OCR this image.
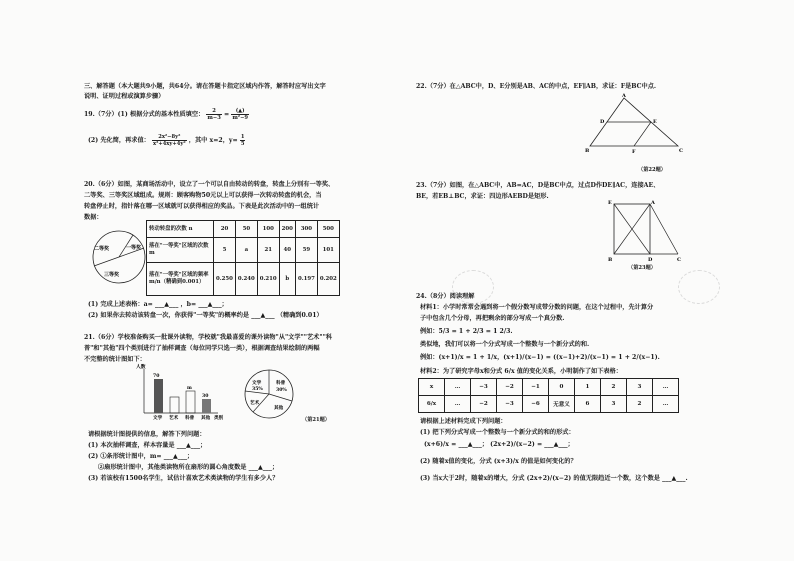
三、解答题（本大题共9小题，共64分。请在答题卡指定区域内作答，解答时应写出文字
说明、证明过程或演算步骤）
19.（7分）(1) 根据分式的基本性质填空： $\frac{2}{m-3}$ = (▲)
m²−9
(2) 先化简，再求值： $\frac{\text{2x²−8y²}}{\text{x²+4xy+4y²}}$ ，其中 x=2，$y= \frac{1}{5}$
20.（6分）如图，某商场活动中，设立了一个可以自由转动的转盘，转盘上分别有一等奖、
二等奖、三等奖区域组成。规则：顾客购物50元以上可以获得一次转动转盘的机会，当
转盘停止时，指针落在哪一区域就可以获得相应的奖品。下表是此次活动中的一组统计
数据：
二等奖	一等奖
三等奖
转动转盘的次数 n	20	50	100	200	300	500
落在"一等奖"区域的次数 m	5	a	21	40	59	101
落在"一等奖"区域的频率 m/n（精确到0.001）	0.250	0.240	0.210	b	0.197	0.202
(1) 完成上述表格：a= ___▲___ ，b= ___▲___；
(2) 如果你去转动该转盘一次，你获得"一等奖"的概率约是 ___▲___ （精确到0.01）
21.（6分）学校准备购买一批课外读物，学校就"我最喜爱的课外读物"从"文学""艺术""科
普"和"其他"四个类别进行了抽样调查（每位同学只选一类），根据调查结果绘制的两幅
不完整的统计图如下：
人数
70
m
30
文学 艺术 科普 其他 类别
文学
35%
科普
30%
艺术
其他
（第21题）
请根据统计图提供的信息，解答下列问题：
(1) 本次抽样调查，样本容量是 ___▲___；
(2) ①条形统计图中，m= ___▲___；
②扇形统计图中，其他类读物所在扇形的圆心角度数是 ___▲___；
(3) 若该校有1500名学生，试估计喜欢艺术类读物的学生有多少人？
22.（7分）在△ABC中，D、E分别是AB、AC的中点，EF∥AB，求证：F是BC中点.
A
D	E
B	F	C
（第22题）
23.（7分）如图，在△ABC中，AB=AC，D是BC中点，过点D作DE∥AC，连接AE、
BE，若EB⊥BC，求证：四边形AEBD是矩形.
E	A
B	D	C
（第23题）
24.（8分）阅读理解
材料1：小学时常常会遇到将一个假分数写成带分数的问题，在这个过程中，先计算分
子中包含几个分母，再把剩余的部分写成一个真分数.
例如：5/3 = 1 + 2/3 = 1 2/3.
类似地，我们可以将一个分式写成一个整数与一个新分式的和.
例如：(x+1)/x = 1 + 1/x，(x+1)/(x−1) = ((x−1)+2)/(x−1) = 1 + 2/(x−1).
材料2：为了研究字母x和分式 6/x 值的变化关系，小明制作了如下表格：
x	…	−3	−2	−1	0	1	2	3	…
6/x	…	−2	−3	−6	无意义	6	3	2	…
请根据上述材料完成下列问题：
(1) 把下列分式写成一个整数与一个新分式的和的形式：
(x+6)/x = ___▲___； (2x+2)/(x−2) = ___▲___；
(2) 随着x值的变化，分式 (x+3)/x 的值是如何变化的？
(3) 当x大于2时，随着x的增大，分式 (2x+2)/(x−2) 的值无限趋近一个数，这个数是 ___▲___.
